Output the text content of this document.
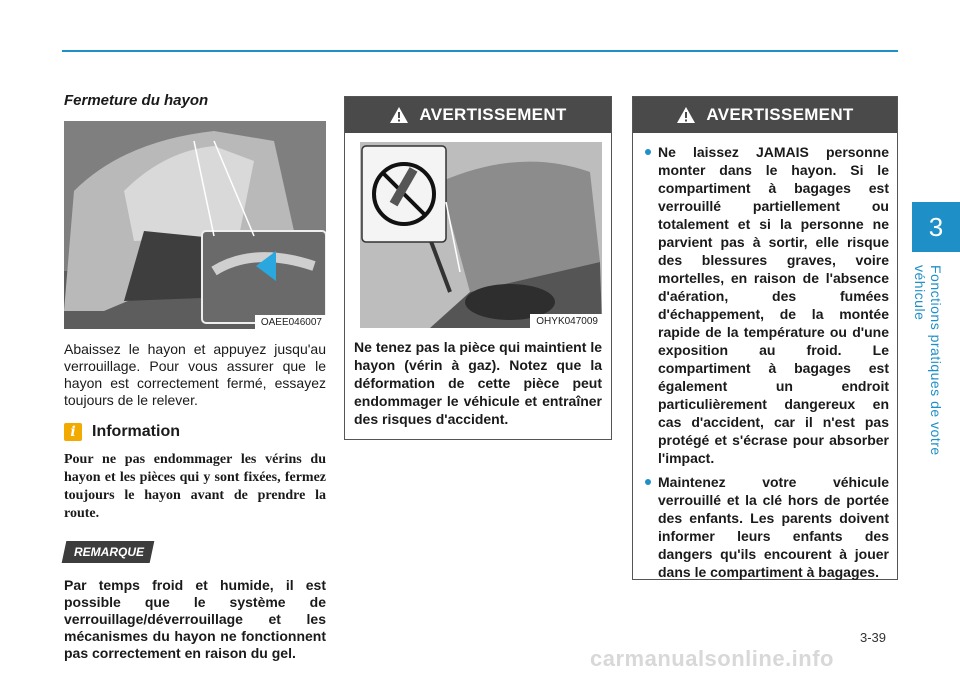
3
Fonctions pratiques de votre véhicule
Fermeture du hayon
OAEE046007

Abaissez le hayon et appuyez jusqu'au verrouillage. Pour vous assurer que le hayon est correctement fermé, essayez toujours de le relever.

i	Information
Pour ne pas endommager les vérins du hayon et les pièces qui y sont fixées, fermez toujours le hayon avant de prendre la route.
REMARQUE
Par temps froid et humide, il est possible que le système de verrouillage/déverrouillage et les mécanismes du hayon ne fonctionnent pas correctement en raison du gel.
AVERTISSEMENT
OHYK047009
Ne tenez pas la pièce qui maintient le hayon (vérin à gaz). Notez que la déformation de cette pièce peut endommager le véhicule et entraîner des risques d'accident.
AVERTISSEMENT
Ne laissez JAMAIS personne monter dans le hayon. Si le compartiment à bagages est verrouillé partiellement ou totalement et si la personne ne parvient pas à sortir, elle risque des blessures graves, voire mortelles, en raison de l'absence d'aération, des fumées d'échappement, de la montée rapide de la température ou d'une exposition au froid. Le compartiment à bagages est également un endroit particulièrement dangereux en cas d'accident, car il n'est pas protégé et s'écrase pour absorber l'impact.
Maintenez votre véhicule verrouillé et la clé hors de portée des enfants. Les parents doivent informer leurs enfants des dangers qu'ils encourent à jouer dans le compartiment à bagages.
3-39
carmanualsonline.info
